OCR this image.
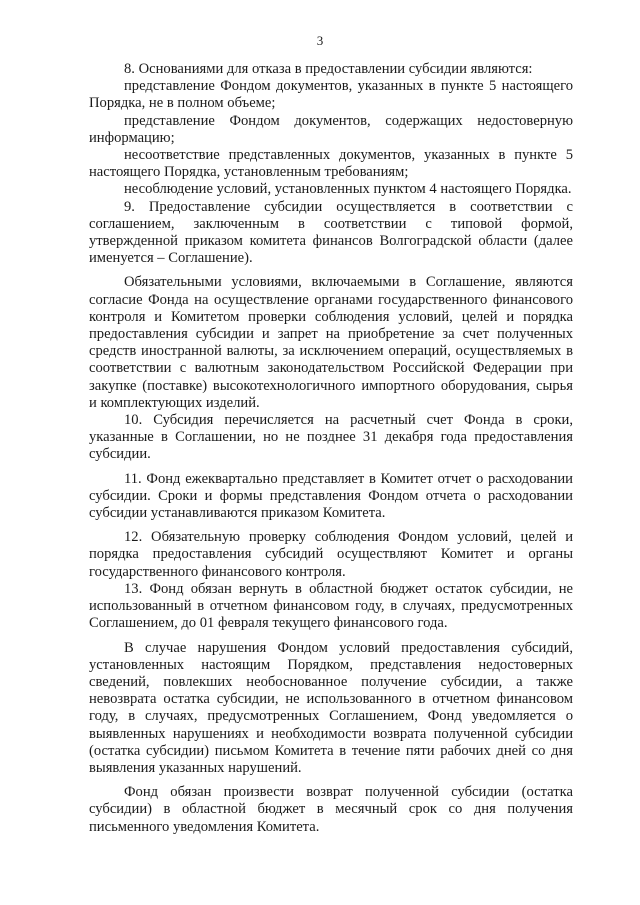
3

8. Основаниями для отказа в предоставлении субсидии являются:

представление Фондом документов, указанных в пункте 5 настоящего Порядка, не в полном объеме;

представление Фондом документов, содержащих недостоверную информацию;

несоответствие представленных документов, указанных в пункте 5 настоящего Порядка, установленным требованиям;

несоблюдение условий, установленных пунктом 4 настоящего Порядка.

9. Предоставление субсидии осуществляется в соответствии с соглашением, заключенным в соответствии с типовой формой, утвержденной приказом комитета финансов Волгоградской области (далее именуется – Соглашение).

Обязательными условиями, включаемыми в Соглашение, являются согласие Фонда на осуществление органами государственного финансового контроля и Комитетом проверки соблюдения условий, целей и порядка предоставления субсидии и запрет на приобретение за счет полученных средств иностранной валюты, за исключением операций, осуществляемых в соответствии с валютным законодательством Российской Федерации при закупке (поставке) высокотехнологичного импортного оборудования, сырья и комплектующих изделий.

10. Субсидия перечисляется на расчетный счет Фонда в сроки, указанные в Соглашении, но не позднее 31 декабря года предоставления субсидии.

11. Фонд ежеквартально представляет в Комитет отчет о расходовании субсидии. Сроки и формы представления Фондом отчета о расходовании субсидии устанавливаются приказом Комитета.

12. Обязательную проверку соблюдения Фондом условий, целей и порядка предоставления субсидий осуществляют Комитет и органы государственного финансового контроля.

13. Фонд обязан вернуть в областной бюджет остаток субсидии, не использованный в отчетном финансовом году, в случаях, предусмотренных Соглашением, до 01 февраля текущего финансового года.

В случае нарушения Фондом условий предоставления субсидий, установленных настоящим Порядком, представления недостоверных сведений, повлекших необоснованное получение субсидии, а также невозврата остатка субсидии, не использованного в отчетном финансовом году, в случаях, предусмотренных Соглашением, Фонд уведомляется о выявленных нарушениях и необходимости возврата полученной субсидии (остатка субсидии) письмом Комитета в течение пяти рабочих дней со дня выявления указанных нарушений.

Фонд обязан произвести возврат полученной субсидии (остатка субсидии) в областной бюджет в месячный срок со дня получения письменного уведомления Комитета.
